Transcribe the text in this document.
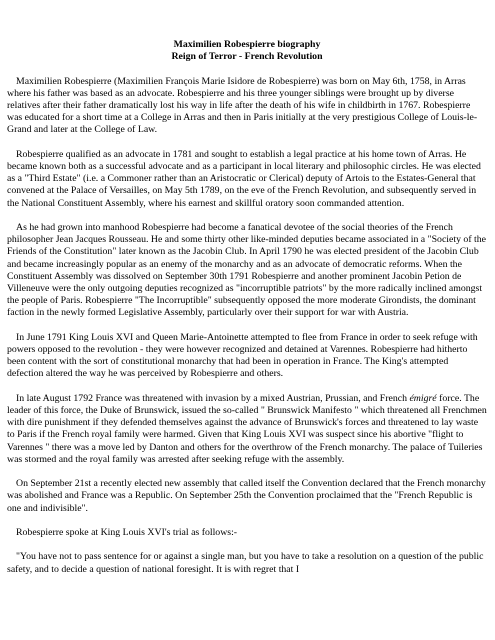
Maximilien Robespierre biography
Reign of Terror - French Revolution

Maximilien Robespierre (Maximilien François Marie Isidore de Robespierre) was born on May 6th, 1758, in Arras where his father was based as an advocate. Robespierre and his three younger siblings were brought up by diverse relatives after their father dramatically lost his way in life after the death of his wife in childbirth in 1767. Robespierre was educated for a short time at a College in Arras and then in Paris initially at the very prestigious College of Louis-le-Grand and later at the College of Law.

Robespierre qualified as an advocate in 1781 and sought to establish a legal practice at his home town of Arras. He became known both as a successful advocate and as a participant in local literary and philosophic circles. He was elected as a "Third Estate" (i.e. a Commoner rather than an Aristocratic or Clerical) deputy of Artois to the Estates-General that convened at the Palace of Versailles, on May 5th 1789, on the eve of the French Revolution, and subsequently served in the National Constituent Assembly, where his earnest and skillful oratory soon commanded attention.

As he had grown into manhood Robespierre had become a fanatical devotee of the social theories of the French philosopher Jean Jacques Rousseau. He and some thirty other like-minded deputies became associated in a "Society of the Friends of the Constitution" later known as the Jacobin Club. In April 1790 he was elected president of the Jacobin Club and became increasingly popular as an enemy of the monarchy and as an advocate of democratic reforms. When the Constituent Assembly was dissolved on September 30th 1791 Robespierre and another prominent Jacobin Petion de Villeneuve were the only outgoing deputies recognized as "incorruptible patriots" by the more radically inclined amongst the people of Paris. Robespierre "The Incorruptible" subsequently opposed the more moderate Girondists, the dominant faction in the newly formed Legislative Assembly, particularly over their support for war with Austria.

In June 1791 King Louis XVI and Queen Marie-Antoinette attempted to flee from France in order to seek refuge with powers opposed to the revolution - they were however recognized and detained at Varennes. Robespierre had hitherto been content with the sort of constitutional monarchy that had been in operation in France. The King's attempted defection altered the way he was perceived by Robespierre and others.

In late August 1792 France was threatened with invasion by a mixed Austrian, Prussian, and French émigré force. The leader of this force, the Duke of Brunswick, issued the so-called " Brunswick Manifesto " which threatened all Frenchmen with dire punishment if they defended themselves against the advance of Brunswick's forces and threatened to lay waste to Paris if the French royal family were harmed. Given that King Louis XVI was suspect since his abortive "flight to Varennes " there was a move led by Danton and others for the overthrow of the French monarchy. The palace of Tuileries was stormed and the royal family was arrested after seeking refuge with the assembly.

On September 21st a recently elected new assembly that called itself the Convention declared that the French monarchy was abolished and France was a Republic. On September 25th the Convention proclaimed that the "French Republic is one and indivisible".

Robespierre spoke at King Louis XVI's trial as follows:-

"You have not to pass sentence for or against a single man, but you have to take a resolution on a question of the public safety, and to decide a question of national foresight. It is with regret that I
